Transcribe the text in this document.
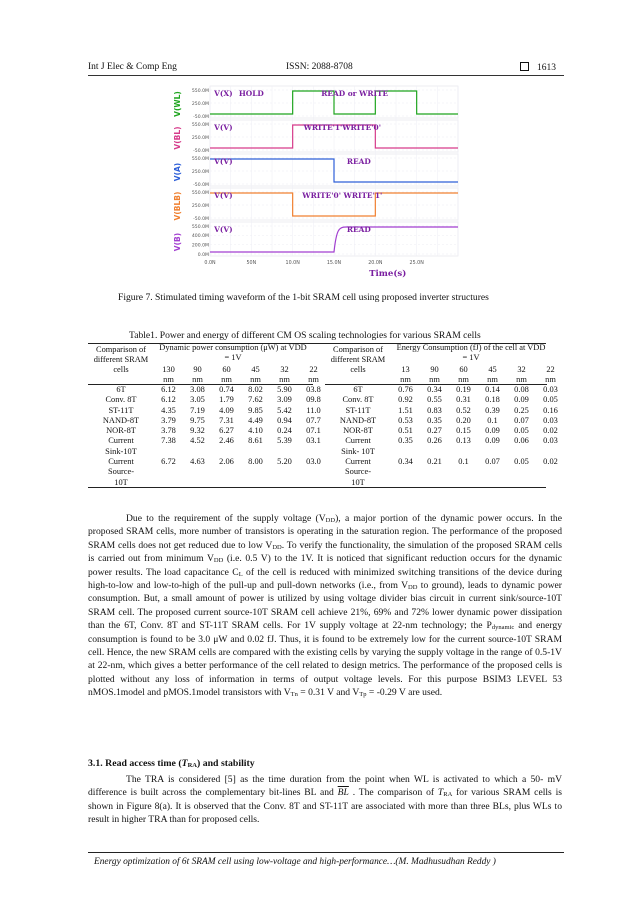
Int J Elec & Comp Eng	ISSN: 2088-8708	1613
550.0M
250.0M
-50.0M
550.0M
250.0M
-50.0M
550.0M
250.0M
-50.0M
550.0M
250.0M
-50.0M
550.0M
400.0M
200.0M
0.0M
V(WL)
V(BL)
V(A)
V(BLB)
V(B)
V(X)
V(V)
V(V)
V(V)
V(V)
HOLD	READ or WRITE
WRITE'1'WRITE'0'
READ
WRITE'0' WRITE'1'
READ
0.0N	50N	10.0N	15.0N	20.0N	25.0N
Time(s)
Figure 7. Stimulated timing waveform of the 1-bit SRAM cell using proposed inverter structures
Table1. Power and energy of different CM OS scaling technologies for various SRAM cells
Comparison of different SRAM cells
Dynamic power consumption (μW) at VDD = 1V
130	90	60	45	32	22
nm	nm	nm	nm	nm	nm
6T	6.12	3.08	0.74	8.02	5.90	03.8

Conv. 8T	6.12	3.05	1.79	7.62	3.09	09.8

ST-11T	4.35	7.19	4.09	9.85	5.42	11.0

NAND-8T	3.79	9.75	7.31	4.49	0.94	07.7

NOR-8T	3.78	9.32	6.27	4.10	0.24	07.1

Current
Sink-10T	7.38	4.52	2.46	8.61	5.39	03.1

Current
Source-
10T	6.72	4.63	2.06	8.00	5.20	03.0
Comparison of different SRAM cells
Energy Consumption (fJ) of the cell at VDD = 1V
13	90	60	45	32	22
nm	nm	nm	nm	nm	nm
6T	0.76	0.34	0.19	0.14	0.08	0.03

Conv. 8T	0.92	0.55	0.31	0.18	0.09	0.05

ST-11T	1.51	0.83	0.52	0.39	0.25	0.16

NAND-8T	0.53	0.35	0.20	0.1	0.07	0.03

NOR-8T	0.51	0.27	0.15	0.09	0.05	0.02

Current
Sink- 10T	0.35	0.26	0.13	0.09	0.06	0.03

Current
Source-
10T	0.34	0.21	0.1	0.07	0.05	0.02
Due to the requirement of the supply voltage $(V_{DD})$, a major portion of the dynamic power occurs. In the proposed SRAM cells, more number of transistors is operating in the saturation region. The performance of the proposed SRAM cells does not get reduced due to low $V_{DD}$. To verify the functionality, the simulation of the proposed SRAM cells is carried out from minimum $V_{DD}$ (i.e. 0.5 V) to the 1V. It is noticed that significant reduction occurs for the dynamic power results. The load capacitance $C_L$ of the cell is reduced with minimized switching transitions of the device during high-to-low and low-to-high of the pull-up and pull-down networks (i.e., from $V_{DD}$ to ground), leads to dynamic power consumption. But, a small amount of power is utilized by using voltage divider bias circuit in current sink/source-10T SRAM cell. The proposed current source-10T SRAM cell achieve 21%, 69% and 72% lower dynamic power dissipation than the 6T, Conv. 8T and ST-11T SRAM cells. For 1V supply voltage at 22-nm technology; the $P_{dynamic}$ and energy consumption is found to be 3.0 μW and 0.02 fJ. Thus, it is found to be extremely low for the current source-10T SRAM cell. Hence, the new SRAM cells are compared with the existing cells by varying the supply voltage in the range of 0.5-1V at 22-nm, which gives a better performance of the cell related to design metrics. The performance of the proposed cells is plotted without any loss of information in terms of output voltage levels. For this purpose BSIM3 LEVEL 53 nMOS.1model and pMOS.1model transistors with $V_{Tn} = 0.31$ V and $V_{Tp} = -0.29$ V are used.
3.1. Read access time $(T_{RA})$ and stability
The TRA is considered [5] as the time duration from the point when WL is activated to which a 50- mV difference is built across the complementary bit-lines BL and $\overline{BL}$ . The comparison of $T_{RA}$ for various SRAM cells is shown in Figure 8(a). It is observed that the Conv. 8T and ST-11T are associated with more than three BLs, plus WLs to result in higher TRA than for proposed cells.
Energy optimization of 6t SRAM cell using low-voltage and high-performance…(M. Madhusudhan Reddy )
